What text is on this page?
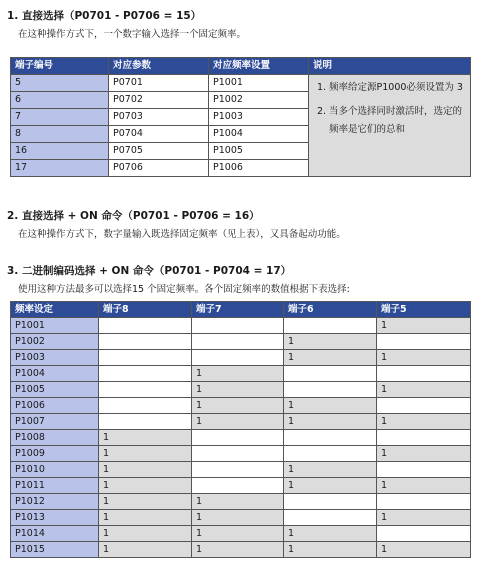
1. 直接选择（P0701 - P0706 = 15）
在这种操作方式下，一个数字输入选择一个固定频率。
端子编号	对应参数	对应频率设置	说明
5	P0701	P1001	1. 频率给定源P1000必须设置为 3
2. 当多个选择同时激活时，选定的频率是它们的总和

6	P0702	P1002	
7	P0703	P1003	
8	P0704	P1004	
16	P0705	P1005	
17	P0706	P1006	
2. 直接选择 + ON 命令（P0701 - P0706 = 16）
在这种操作方式下，数字量输入既选择固定频率（见上表），又具备起动功能。
3. 二进制编码选择 + ON 命令（P0701 - P0704 = 17）
使用这种方法最多可以选择15 个固定频率。各个固定频率的数值根据下表选择:
频率设定	端子8	端子7	端子6	端子5
P1001				1
P1002			1	
P1003			1	1
P1004		1		
P1005		1		1
P1006		1	1	
P1007		1	1	1
P1008	1			
P1009	1			1
P1010	1		1	
P1011	1		1	1
P1012	1	1		
P1013	1	1		1
P1014	1	1	1	
P1015	1	1	1	1
